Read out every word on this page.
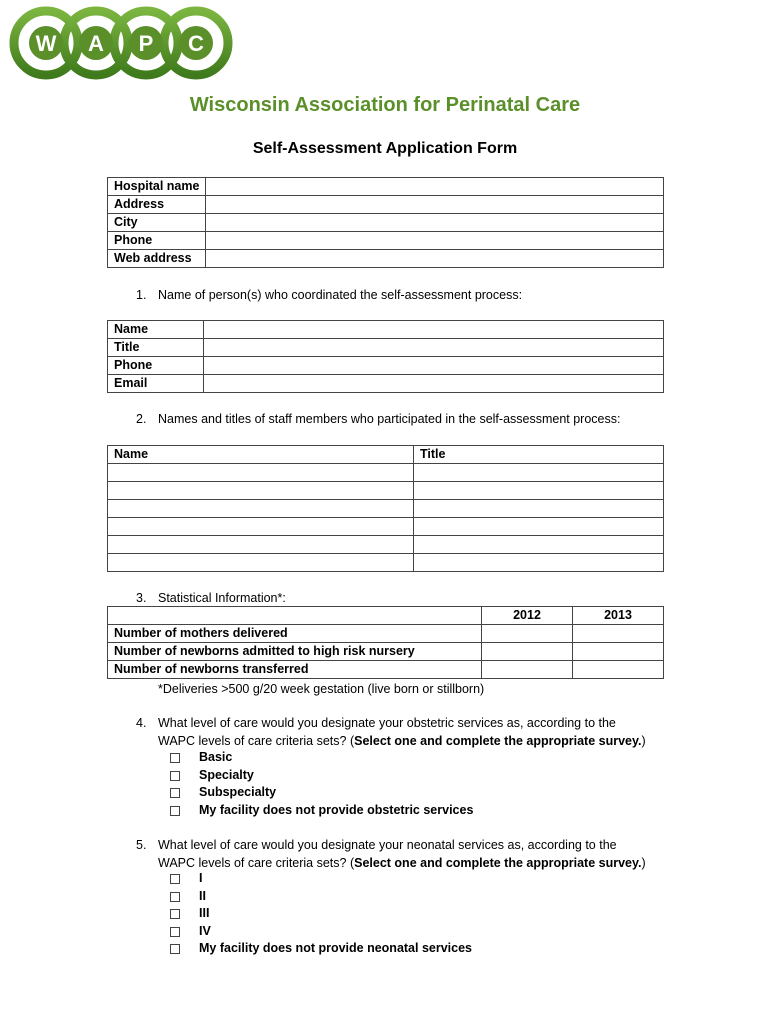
W A P C
Wisconsin Association for Perinatal Care
Self-Assessment Application Form
Hospital name	
Address	
City	
Phone	
Web address	
1. Name of person(s) who coordinated the self-assessment process:
Name	
Title	
Phone	
Email	
2. Names and titles of staff members who participated in the self-assessment process:
Name	Title

3. Statistical Information*:
	2012	2013
Number of mothers delivered		
Number of newborns admitted to high risk nursery		
Number of newborns transferred		
*Deliveries >500 g/20 week gestation (live born or stillborn)
4. What level of care would you designate your obstetric services as, according to the
WAPC levels of care criteria sets? (Select one and complete the appropriate survey.)
Basic
Specialty
Subspecialty
My facility does not provide obstetric services
5. What level of care would you designate your neonatal services as, according to the
WAPC levels of care criteria sets? (Select one and complete the appropriate survey.)
I
II
III
IV
My facility does not provide neonatal services
